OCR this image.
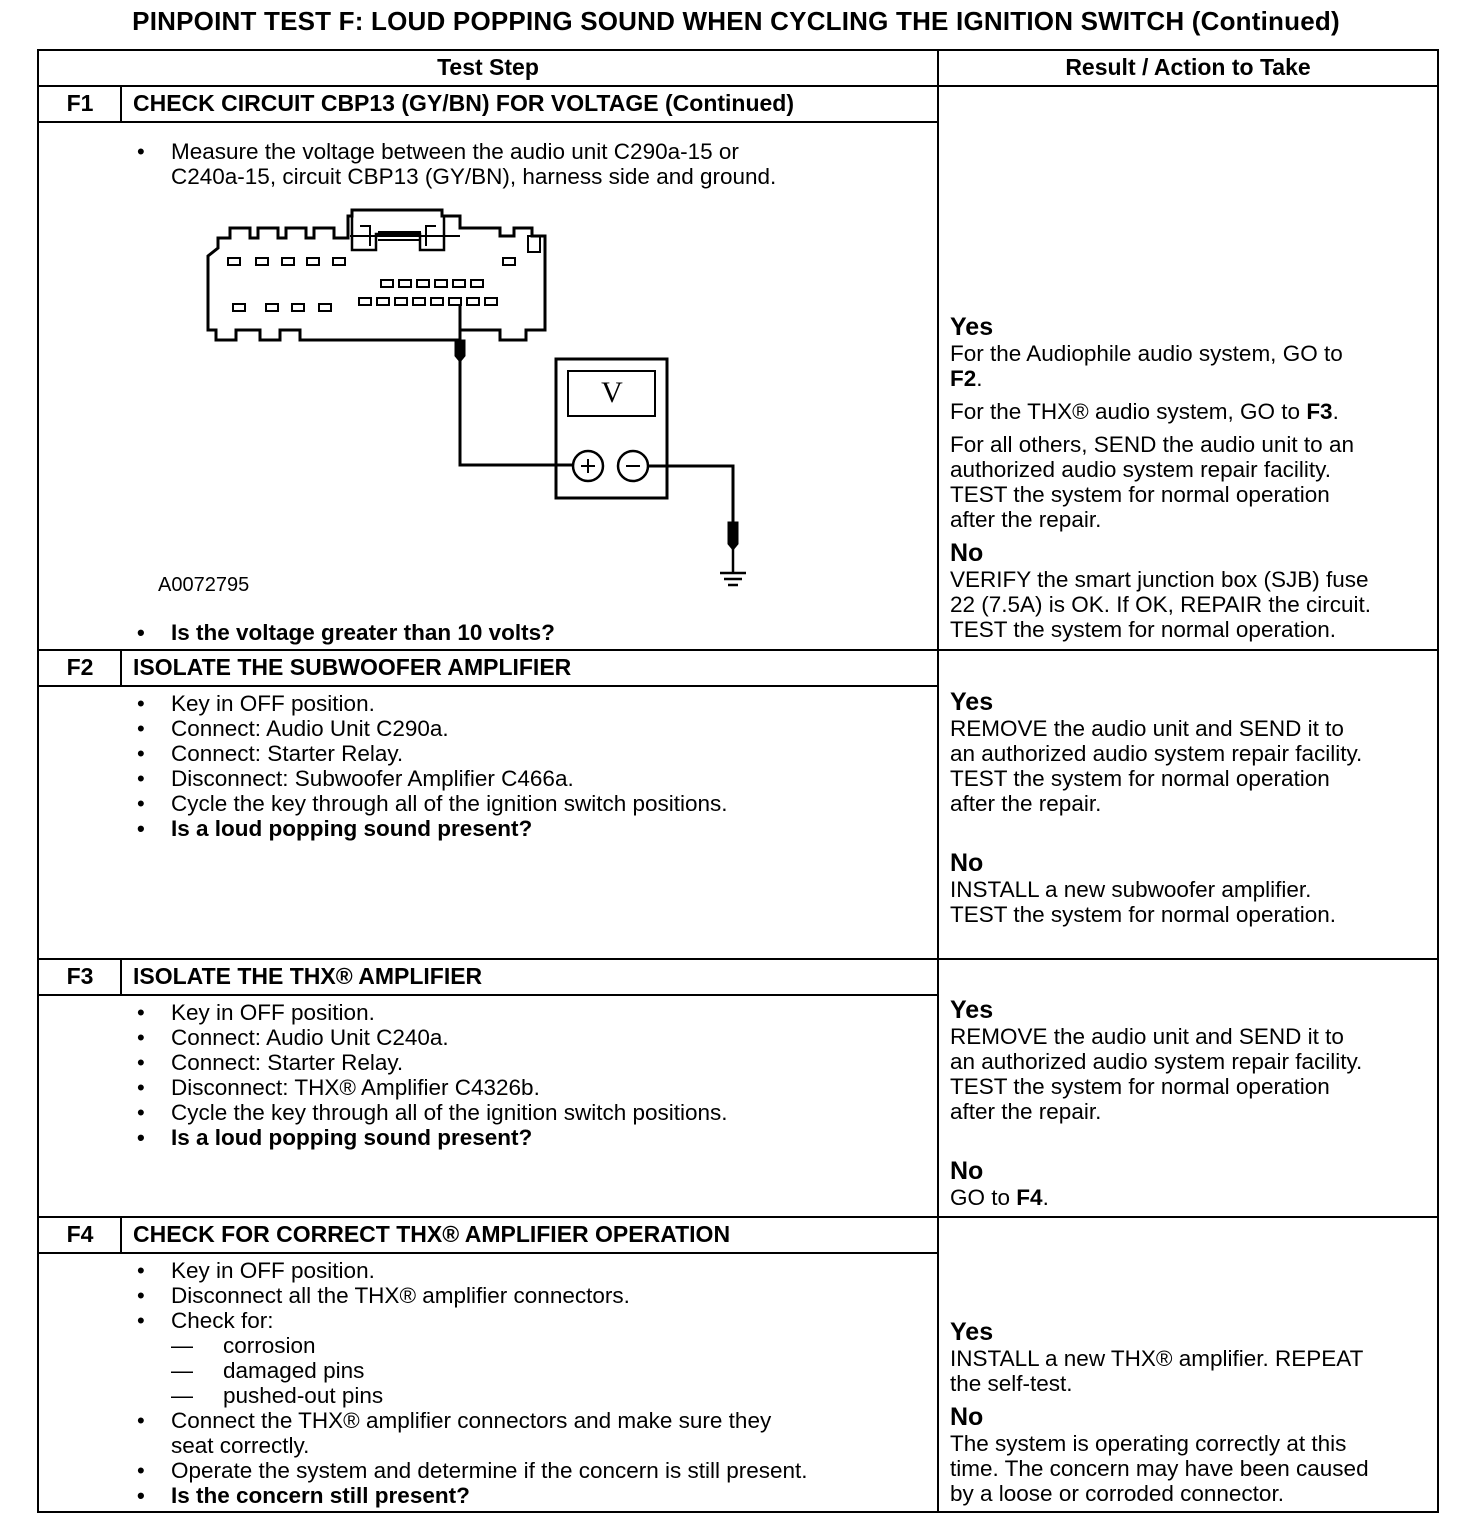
PINPOINT TEST F: LOUD POPPING SOUND WHEN CYCLING THE IGNITION SWITCH (Continued)
Test Step	Result / Action to Take
F1	CHECK CIRCUIT CBP13 (GY/BN) FOR VOLTAGE (Continued)
• Measure the voltage between the audio unit C290a-15 or
C240a-15, circuit CBP13 (GY/BN), harness side and ground.
V
A0072795
• Is the voltage greater than 10 volts?
Yes

For the Audiophile audio system, GO to
F2.

For the THX® audio system, GO to F3.

For all others, SEND the audio unit to an
authorized audio system repair facility.
TEST the system for normal operation
after the repair.

No
VERIFY the smart junction box (SJB) fuse
22 (7.5A) is OK. If OK, REPAIR the circuit.
TEST the system for normal operation.
F2	ISOLATE THE SUBWOOFER AMPLIFIER
• Key in OFF position.
• Connect: Audio Unit C290a.
• Connect: Starter Relay.
• Disconnect: Subwoofer Amplifier C466a.
• Cycle the key through all of the ignition switch positions.
• Is a loud popping sound present?
Yes
REMOVE the audio unit and SEND it to
an authorized audio system repair facility.
TEST the system for normal operation
after the repair.
No
INSTALL a new subwoofer amplifier.
TEST the system for normal operation.
F3	ISOLATE THE THX® AMPLIFIER
• Key in OFF position.
• Connect: Audio Unit C240a.
• Connect: Starter Relay.
• Disconnect: THX® Amplifier C4326b.
• Cycle the key through all of the ignition switch positions.
• Is a loud popping sound present?
Yes
REMOVE the audio unit and SEND it to
an authorized audio system repair facility.
TEST the system for normal operation
after the repair.
No
GO to F4.
F4	CHECK FOR CORRECT THX® AMPLIFIER OPERATION
• Key in OFF position.
• Disconnect all the THX® amplifier connectors.
• Check for:
— corrosion
— damaged pins
— pushed-out pins
• Connect the THX® amplifier connectors and make sure they
seat correctly.
• Operate the system and determine if the concern is still present.
• Is the concern still present?
Yes
INSTALL a new THX® amplifier. REPEAT
the self-test.
No
The system is operating correctly at this
time. The concern may have been caused
by a loose or corroded connector.
